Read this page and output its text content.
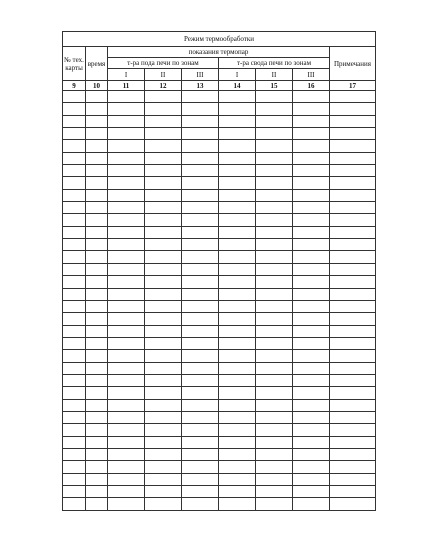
Режим термообработки								
№ тех. карты	время	показания термопар						Примечания
		т-ра пода печи по зонам			т-ра свода печи по зонам			
		I	II	III	I	II	III	
9	10	11	12	13	14	15	16	17
